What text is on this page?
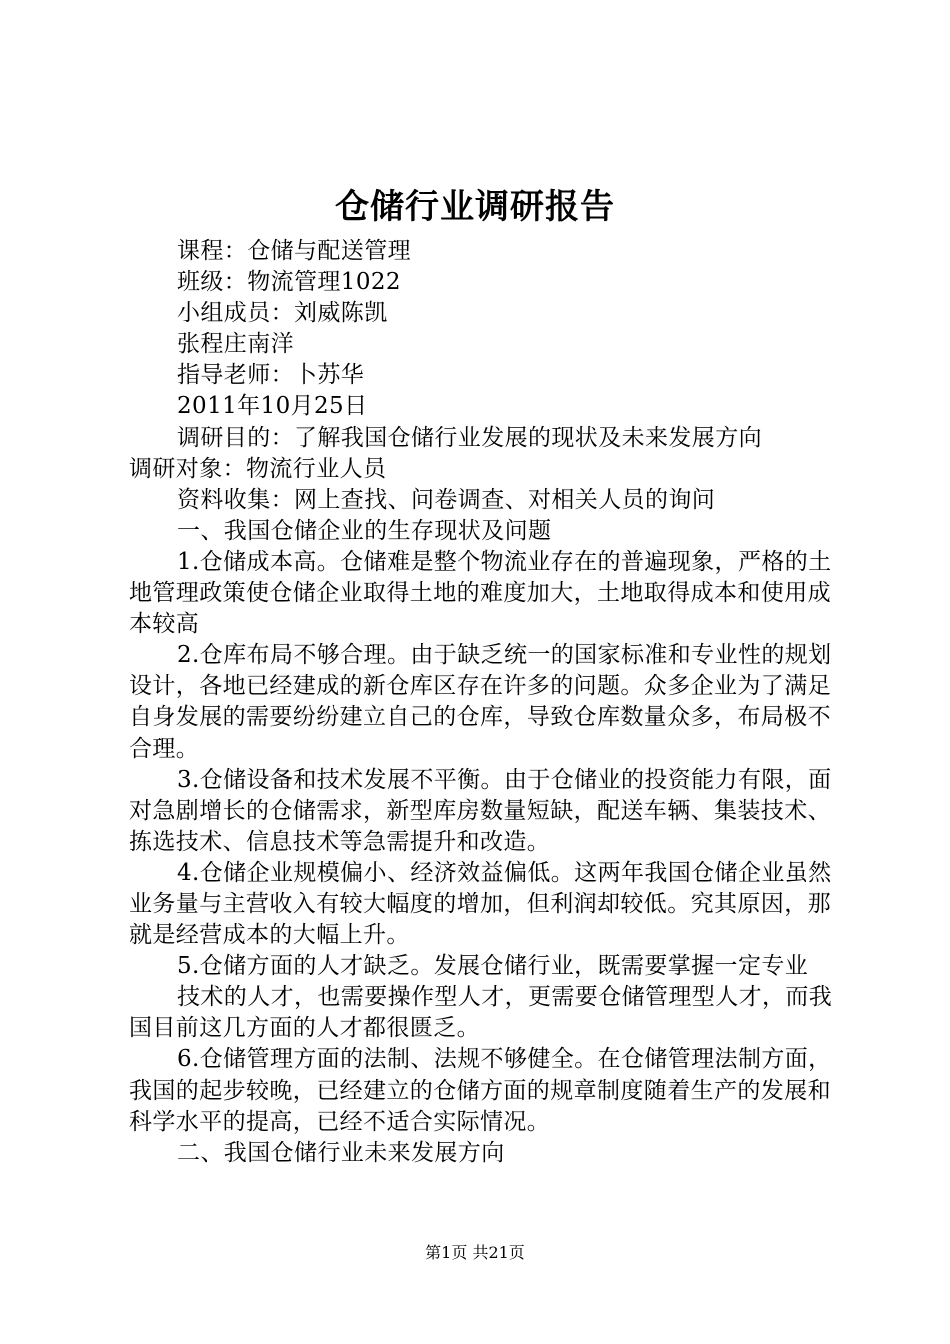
仓储行业调研报告

课程：仓储与配送管理

班级：物流管理1022

小组成员：刘威陈凯

张程庄南洋

指导老师：卜苏华

2011年10月25日

调研目的：了解我国仓储行业发展的现状及未来发展方向

调研对象：物流行业人员

资料收集：网上查找、问卷调查、对相关人员的询问

一、我国仓储企业的生存现状及问题

1.仓储成本高。仓储难是整个物流业存在的普遍现象，严格的土地管理政策使仓储企业取得土地的难度加大，土地取得成本和使用成本较高

2.仓库布局不够合理。由于缺乏统一的国家标准和专业性的规划设计，各地已经建成的新仓库区存在许多的问题。众多企业为了满足自身发展的需要纷纷建立自己的仓库，导致仓库数量众多，布局极不合理。

3.仓储设备和技术发展不平衡。由于仓储业的投资能力有限，面对急剧增长的仓储需求，新型库房数量短缺，配送车辆、集装技术、拣选技术、信息技术等急需提升和改造。

4.仓储企业规模偏小、经济效益偏低。这两年我国仓储企业虽然业务量与主营收入有较大幅度的增加，但利润却较低。究其原因，那就是经营成本的大幅上升。

5.仓储方面的人才缺乏。发展仓储行业，既需要掌握一定专业

技术的人才，也需要操作型人才，更需要仓储管理型人才，而我国目前这几方面的人才都很匮乏。

6.仓储管理方面的法制、法规不够健全。在仓储管理法制方面，我国的起步较晚，已经建立的仓储方面的规章制度随着生产的发展和科学水平的提高，已经不适合实际情况。

二、我国仓储行业未来发展方向

第1页 共21页
